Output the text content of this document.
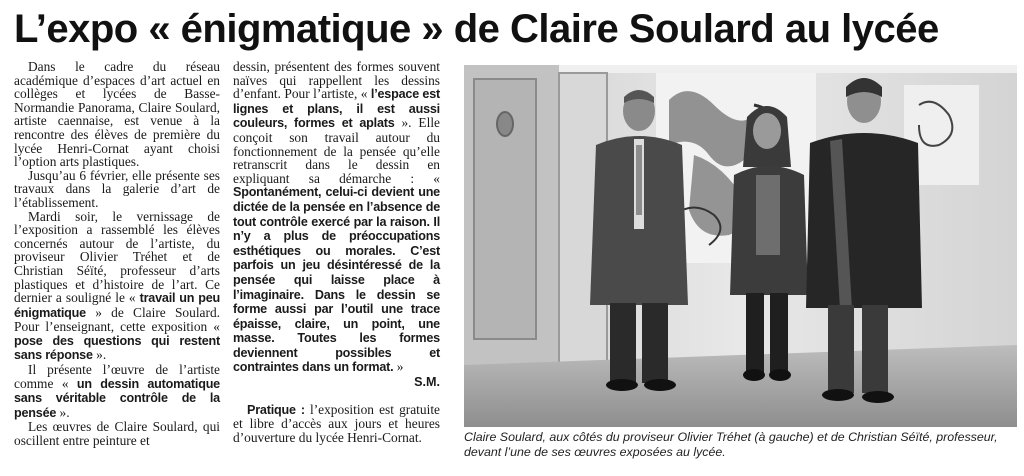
L’expo « énigmatique » de Claire Soulard au lycée

Dans le cadre du réseau académique d’espaces d’art actuel en collèges et lycées de Basse-Normandie Panorama, Claire Soulard, artiste caennaise, est venue à la rencontre des élèves de première du lycée Henri-Cornat ayant choisi l’option arts plastiques.

Jusqu’au 6 février, elle présente ses travaux dans la galerie d’art de l’établissement.

Mardi soir, le vernissage de l’exposition a rassemblé les élèves concernés autour de l’artiste, du proviseur Olivier Tréhet et de Christian Séïté, professeur d’arts plastiques et d’histoire de l’art. Ce dernier a souligné le « travail un peu énigmatique » de Claire Soulard. Pour l’enseignant, cette exposition « pose des questions qui restent sans réponse ».

Il présente l’œuvre de l’artiste comme « un dessin automatique sans véritable contrôle de la pensée ».

Les œuvres de Claire Soulard, qui oscillent entre peinture et

dessin, présentent des formes souvent naïves qui rappellent les dessins d’enfant. Pour l’artiste, « l’espace est lignes et plans, il est aussi couleurs, formes et aplats ». Elle conçoit son travail autour du fonctionnement de la pensée qu’elle retranscrit dans le dessin en expliquant sa démarche : « Spontanément, celui-ci devient une dictée de la pensée en l’absence de tout contrôle exercé par la raison. Il n’y a plus de préoccupations esthétiques ou morales. C’est parfois un jeu désintéressé de la pensée qui laisse place à l’imaginaire. Dans le dessin se forme aussi par l’outil une trace épaisse, claire, un point, une masse. Toutes les formes deviennent possibles et contraintes dans un format. »

S.M.

Pratique : l’exposition est gratuite et libre d’accès aux jours et heures d’ouverture du lycée Henri-Cornat.	Claire Soulard, aux côtés du proviseur Olivier Tréhet (à gauche) et de Christian Séïté, professeur, devant l’une de ses œuvres exposées au lycée.
